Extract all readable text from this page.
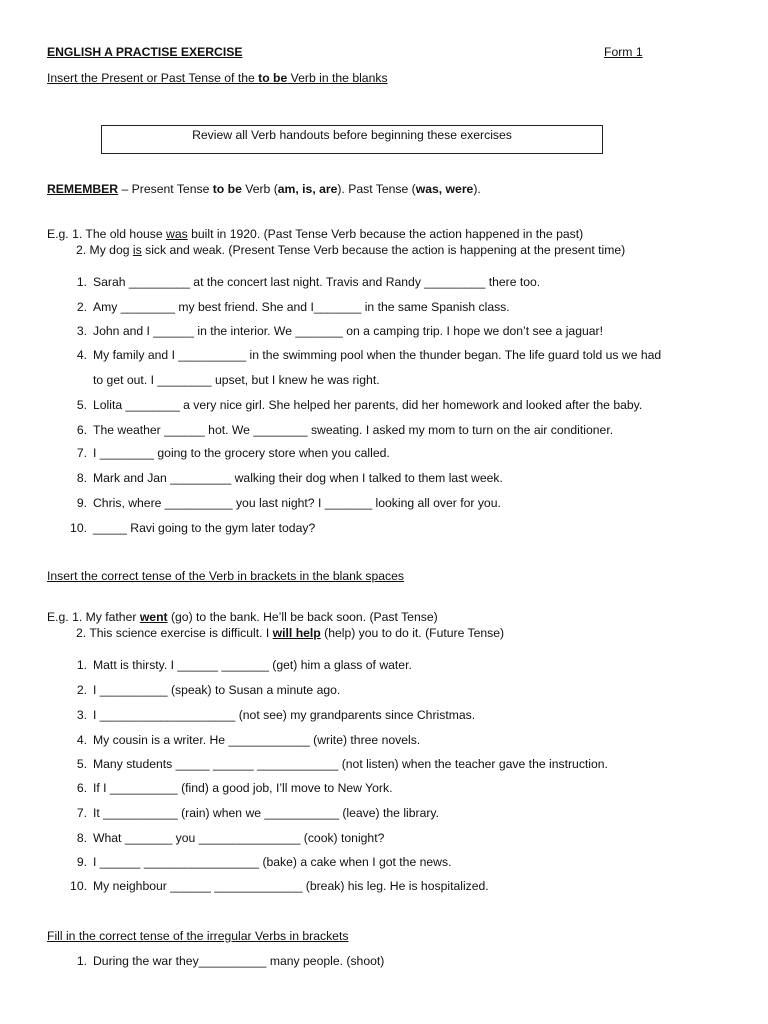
ENGLISH A PRACTISE EXERCISE	Form 1
Insert the Present or Past Tense of the to be Verb in the blanks
Review all Verb handouts before beginning these exercises
REMEMBER – Present Tense to be Verb (am, is, are). Past Tense (was, were).
E.g. 1. The old house was built in 1920. (Past Tense Verb because the action happened in the past)
2. My dog is sick and weak. (Present Tense Verb because the action is happening at the present time)
1. Sarah _________ at the concert last night. Travis and Randy _________ there too.
2. Amy ________ my best friend. She and I_______ in the same Spanish class.
3. John and I ______ in the interior. We _______ on a camping trip. I hope we don’t see a jaguar!
4. My family and I __________ in the swimming pool when the thunder began. The life guard told us we had
to get out. I ________ upset, but I knew he was right.
5. Lolita ________ a very nice girl. She helped her parents, did her homework and looked after the baby.
6. The weather ______ hot. We ________ sweating. I asked my mom to turn on the air conditioner.
7. I ________ going to the grocery store when you called.
8. Mark and Jan _________ walking their dog when I talked to them last week.
9. Chris, where __________ you last night? I _______ looking all over for you.
10. _____ Ravi going to the gym later today?
Insert the correct tense of the Verb in brackets in the blank spaces
E.g. 1. My father went (go) to the bank. He’ll be back soon. (Past Tense)
2. This science exercise is difficult. I will help (help) you to do it. (Future Tense)
1. Matt is thirsty. I ______ _______ (get) him a glass of water.
2. I __________ (speak) to Susan a minute ago.
3. I ____________________ (not see) my grandparents since Christmas.
4. My cousin is a writer. He ____________ (write) three novels.
5. Many students _____ ______ ____________ (not listen) when the teacher gave the instruction.
6. If I __________ (find) a good job, I’ll move to New York.
7. It ___________ (rain) when we ___________ (leave) the library.
8. What _______ you _______________ (cook) tonight?
9. I ______ _________________ (bake) a cake when I got the news.
10. My neighbour ______ _____________ (break) his leg. He is hospitalized.
Fill in the correct tense of the irregular Verbs in brackets
1. During the war they__________ many people. (shoot)
